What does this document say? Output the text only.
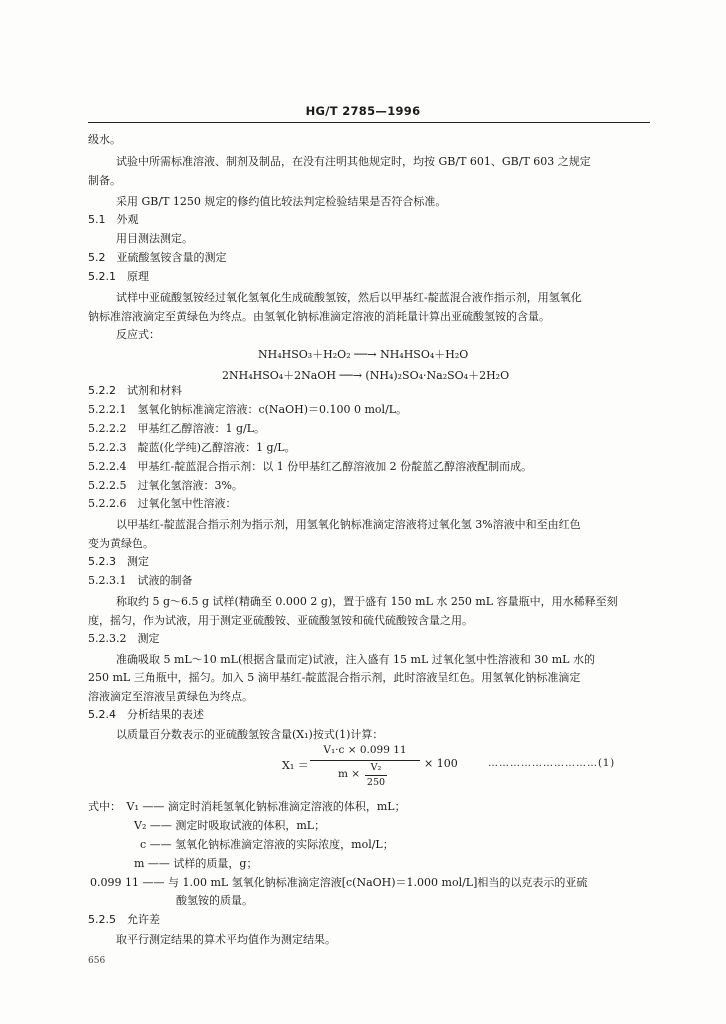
HG/T 2785—1996
级水。
试验中所需标准溶液、制剂及制品，在没有注明其他规定时，均按 GB/T 601、GB/T 603 之规定
制备。
采用 GB/T 1250 规定的修约值比较法判定检验结果是否符合标准。
5.1　外观
用目测法测定。
5.2　亚硫酸氢铵含量的测定
5.2.1　原理
试样中亚硫酸氢铵经过氧化氢氧化生成硫酸氢铵，然后以甲基红-靛蓝混合液作指示剂，用氢氧化
钠标准溶液滴定至黄绿色为终点。由氢氧化钠标准滴定溶液的消耗量计算出亚硫酸氢铵的含量。
反应式：
NH₄HSO₃＋H₂O₂ ──→ NH₄HSO₄＋H₂O
2NH₄HSO₄＋2NaOH ──→ (NH₄)₂SO₄·Na₂SO₄＋2H₂O
5.2.2　试剂和材料
5.2.2.1　氢氧化钠标准滴定溶液：c(NaOH)＝0.100 0 mol/L。
5.2.2.2　甲基红乙醇溶液：1 g/L。
5.2.2.3　靛蓝(化学纯)乙醇溶液：1 g/L。
5.2.2.4　甲基红-靛蓝混合指示剂：以 1 份甲基红乙醇溶液加 2 份靛蓝乙醇溶液配制而成。
5.2.2.5　过氧化氢溶液：3%。
5.2.2.6　过氧化氢中性溶液：
以甲基红-靛蓝混合指示剂为指示剂，用氢氧化钠标准滴定溶液将过氧化氢 3%溶液中和至由红色
变为黄绿色。
5.2.3　测定
5.2.3.1　试液的制备
称取约 5 g～6.5 g 试样(精确至 0.000 2 g)，置于盛有 150 mL 水 250 mL 容量瓶中，用水稀释至刻
度，摇匀，作为试液，用于测定亚硫酸铵、亚硫酸氢铵和硫代硫酸铵含量之用。
5.2.3.2　测定
准确吸取 5 mL～10 mL(根据含量而定)试液，注入盛有 15 mL 过氧化氢中性溶液和 30 mL 水的
250 mL 三角瓶中，摇匀。加入 5 滴甲基红-靛蓝混合指示剂，此时溶液呈红色。用氢氧化钠标准滴定
溶液滴定至溶液呈黄绿色为终点。
5.2.4　分析结果的表述
以质量百分数表示的亚硫酸氢铵含量(X₁)按式(1)计算：
X₁ ＝
V₁·c × 0.099 11
m ×
V₂
250
× 100	…………………………(1)
式中：　V₁ —— 滴定时消耗氢氧化钠标准滴定溶液的体积，mL；
V₂ —— 测定时吸取试液的体积，mL；
c —— 氢氧化钠标准滴定溶液的实际浓度，mol/L；
m —— 试样的质量，g；
0.099 11 —— 与 1.00 mL 氢氧化钠标准滴定溶液[c(NaOH)＝1.000 mol/L]相当的以克表示的亚硫
酸氢铵的质量。
5.2.5　允许差
取平行测定结果的算术平均值作为测定结果。
656
